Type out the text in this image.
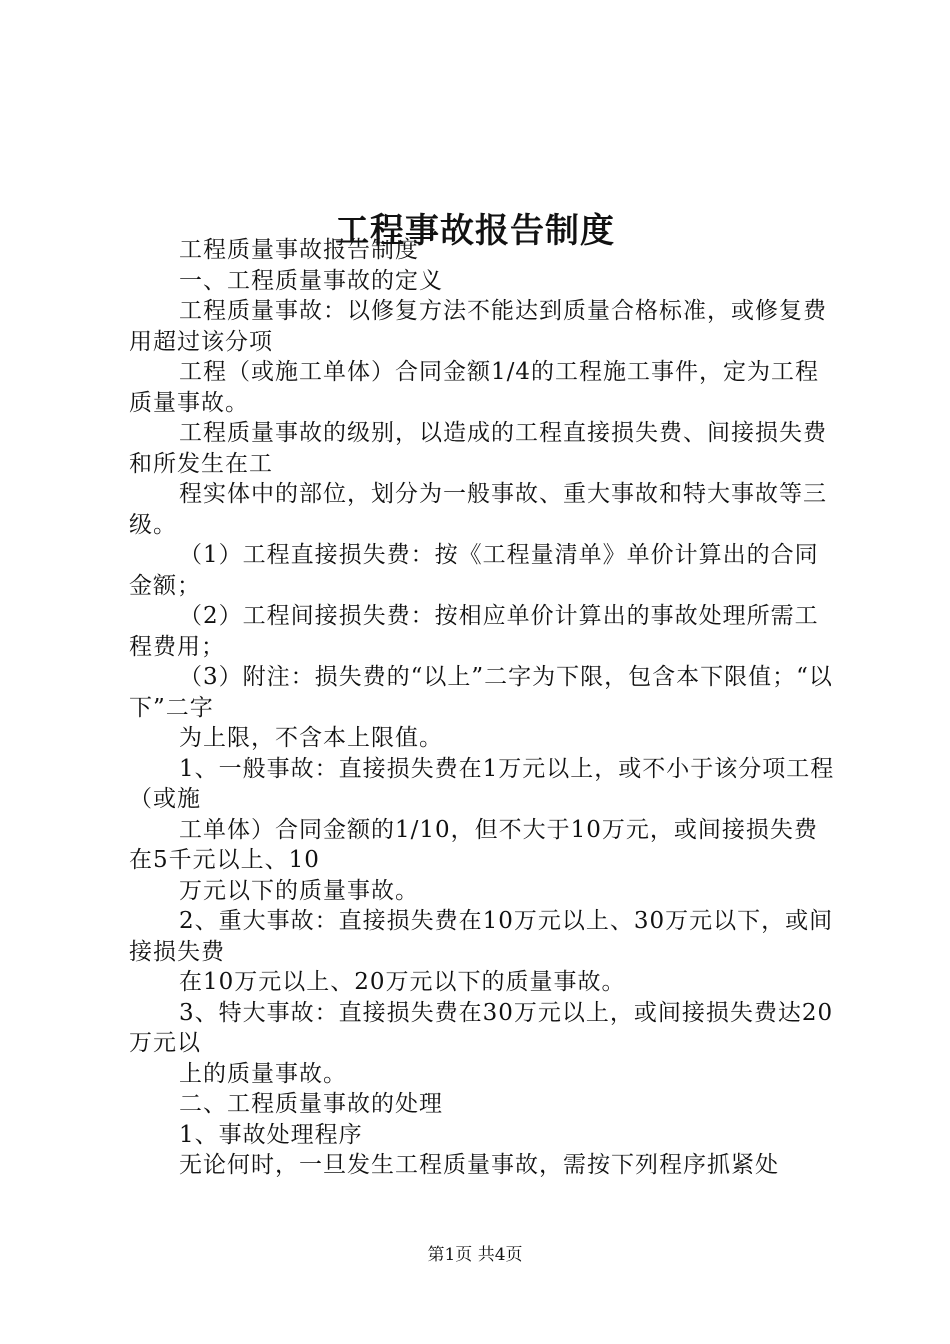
工程事故报告制度

工程质量事故报告制度

一、工程质量事故的定义

工程质量事故：以修复方法不能达到质量合格标准，或修复费用超过该分项

工程（或施工单体）合同金额1/4的工程施工事件，定为工程质量事故。

工程质量事故的级别，以造成的工程直接损失费、间接损失费和所发生在工

程实体中的部位，划分为一般事故、重大事故和特大事故等三级。

（1）工程直接损失费：按《工程量清单》单价计算出的合同金额；

（2）工程间接损失费：按相应单价计算出的事故处理所需工程费用；

（3）附注：损失费的“以上”二字为下限，包含本下限值；“以下”二字

为上限，不含本上限值。

1、一般事故：直接损失费在1万元以上，或不小于该分项工程（或施

工单体）合同金额的1/10，但不大于10万元，或间接损失费在5千元以上、10

万元以下的质量事故。

2、重大事故：直接损失费在10万元以上、30万元以下，或间接损失费

在10万元以上、20万元以下的质量事故。

3、特大事故：直接损失费在30万元以上，或间接损失费达20万元以

上的质量事故。

二、工程质量事故的处理

1、事故处理程序

无论何时，一旦发生工程质量事故，需按下列程序抓紧处

第1页 共4页
